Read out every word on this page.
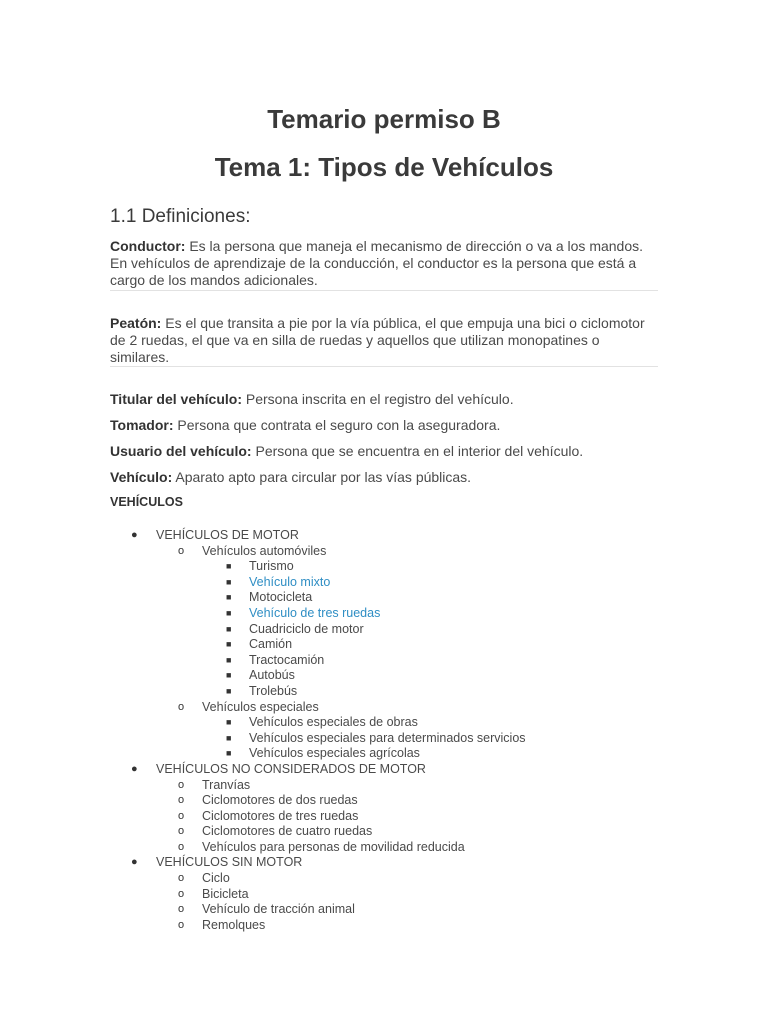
Temario permiso B
Tema 1: Tipos de Vehículos
1.1 Definiciones:

Conductor: Es la persona que maneja el mecanismo de dirección o va a los mandos. En vehículos de aprendizaje de la conducción, el conductor es la persona que está a cargo de los mandos adicionales.

Peatón: Es el que transita a pie por la vía pública, el que empuja una bici o ciclomotor de 2 ruedas, el que va en silla de ruedas y aquellos que utilizan monopatines o similares.

Titular del vehículo: Persona inscrita en el registro del vehículo.

Tomador: Persona que contrata el seguro con la aseguradora.

Usuario del vehículo: Persona que se encuentra en el interior del vehículo.

Vehículo: Aparato apto para circular por las vías públicas.

VEHÍCULOS
● VEHÍCULOS DE MOTOR
o Vehículos automóviles
■ Turismo
■ Vehículo mixto
■ Motocicleta
■ Vehículo de tres ruedas
■ Cuadriciclo de motor
■ Camión
■ Tractocamión
■ Autobús
■ Trolebús
o Vehículos especiales
■ Vehículos especiales de obras
■ Vehículos especiales para determinados servicios
■ Vehículos especiales agrícolas
● VEHÍCULOS NO CONSIDERADOS DE MOTOR
o Tranvías
o Ciclomotores de dos ruedas
o Ciclomotores de tres ruedas
o Ciclomotores de cuatro ruedas
o Vehículos para personas de movilidad reducida
● VEHÍCULOS SIN MOTOR
o Ciclo
o Bicicleta
o Vehículo de tracción animal
o Remolques
